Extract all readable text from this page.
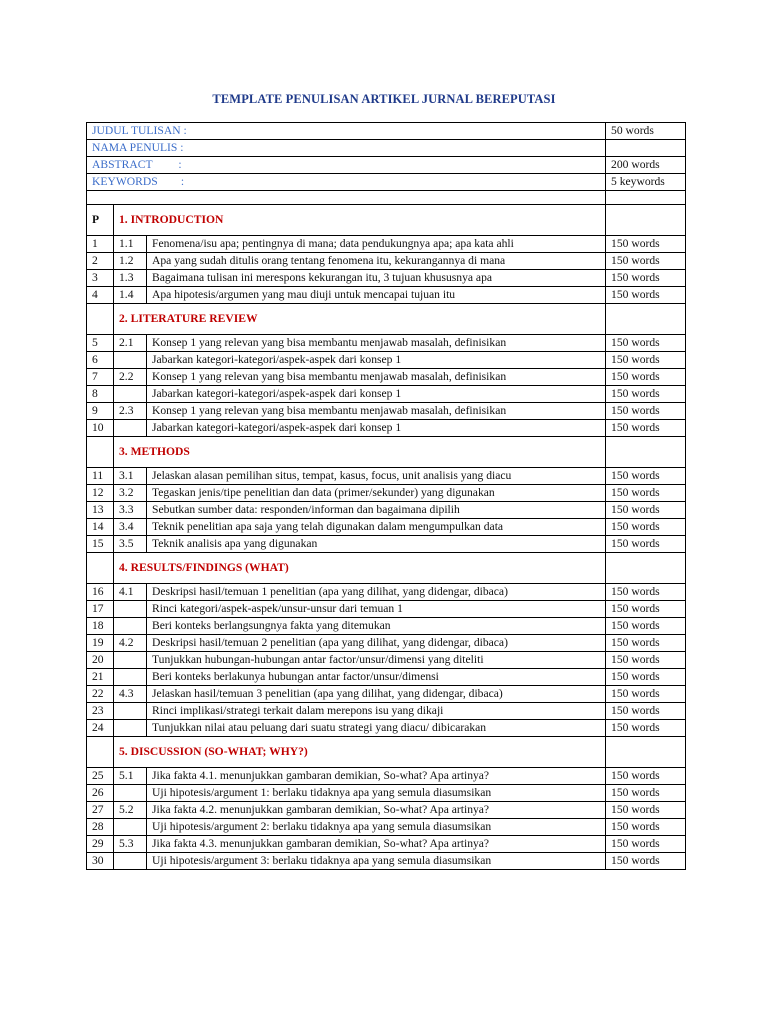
TEMPLATE PENULISAN ARTIKEL JURNAL BEREPUTASI
JUDUL TULISAN :			50 words
NAMA PENULIS :			
ABSTRACT         :			200 words
KEYWORDS        :			5 keywords

P	1. INTRODUCTION		
1	1.1	Fenomena/isu apa; pentingnya di mana; data pendukungnya apa; apa kata ahli	150 words
2	1.2	Apa yang sudah ditulis orang tentang fenomena itu, kekurangannya di mana	150 words
3	1.3	Bagaimana tulisan ini merespons kekurangan itu, 3 tujuan khususnya apa	150 words
4	1.4	Apa hipotesis/argumen yang mau diuji untuk mencapai tujuan itu	150 words
	2. LITERATURE REVIEW		
5	2.1	Konsep 1 yang relevan yang bisa membantu menjawab masalah, definisikan	150 words
6		Jabarkan kategori-kategori/aspek-aspek dari konsep 1	150 words
7	2.2	Konsep 1 yang relevan yang bisa membantu menjawab masalah, definisikan	150 words
8		Jabarkan kategori-kategori/aspek-aspek dari konsep 1	150 words
9	2.3	Konsep 1 yang relevan yang bisa membantu menjawab masalah, definisikan	150 words
10		Jabarkan kategori-kategori/aspek-aspek dari konsep 1	150 words
	3. METHODS		
11	3.1	Jelaskan alasan pemilihan situs, tempat, kasus, focus, unit analisis yang diacu	150 words
12	3.2	Tegaskan jenis/tipe penelitian dan data (primer/sekunder) yang digunakan	150 words
13	3.3	Sebutkan sumber data: responden/informan dan bagaimana dipilih	150 words
14	3.4	Teknik penelitian apa saja yang telah digunakan dalam mengumpulkan data	150 words
15	3.5	Teknik analisis apa yang digunakan	150 words
	4. RESULTS/FINDINGS (WHAT)		
16	4.1	Deskripsi hasil/temuan 1 penelitian (apa yang dilihat, yang didengar, dibaca)	150 words
17		Rinci kategori/aspek-aspek/unsur-unsur dari temuan 1	150 words
18		Beri konteks berlangsungnya fakta yang ditemukan	150 words
19	4.2	Deskripsi hasil/temuan 2 penelitian (apa yang dilihat, yang didengar, dibaca)	150 words
20		Tunjukkan hubungan-hubungan antar factor/unsur/dimensi yang diteliti	150 words
21		Beri konteks berlakunya hubungan antar factor/unsur/dimensi	150 words
22	4.3	Jelaskan hasil/temuan 3 penelitian (apa yang dilihat, yang didengar, dibaca)	150 words
23		Rinci implikasi/strategi terkait dalam merepons isu yang dikaji	150 words
24		Tunjukkan nilai atau peluang dari suatu strategi yang diacu/ dibicarakan	150 words
	5. DISCUSSION (SO-WHAT; WHY?)		
25	5.1	Jika fakta 4.1. menunjukkan gambaran demikian, So-what? Apa artinya?	150 words
26		Uji hipotesis/argument 1: berlaku tidaknya apa yang semula diasumsikan	150 words
27	5.2	Jika fakta 4.2. menunjukkan gambaran demikian, So-what? Apa artinya?	150 words
28		Uji hipotesis/argument 2: berlaku tidaknya apa yang semula diasumsikan	150 words
29	5.3	Jika fakta 4.3. menunjukkan gambaran demikian, So-what? Apa artinya?	150 words
30		Uji hipotesis/argument 3: berlaku tidaknya apa yang semula diasumsikan	150 words
